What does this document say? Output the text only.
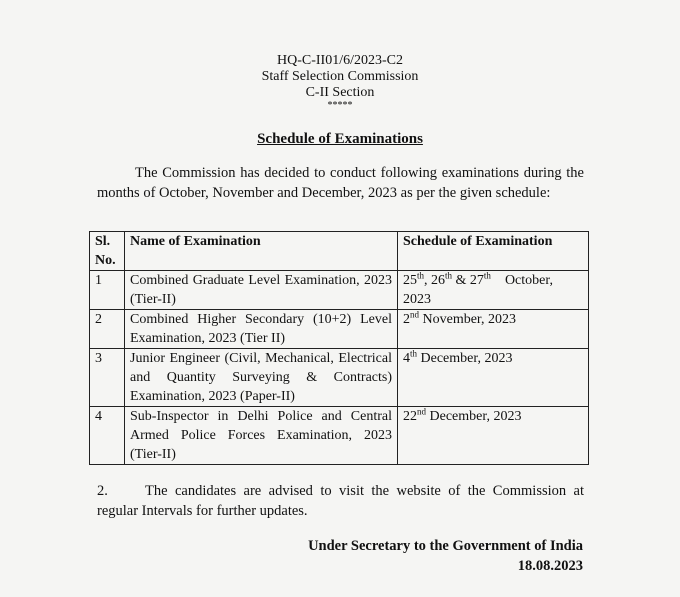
HQ-C-II01/6/2023-C2
Staff Selection Commission
C-II Section
*****
Schedule of Examinations
The Commission has decided to conduct following examinations during the months of October, November and December, 2023 as per the given schedule:
Sl. No.	Name of Examination	Schedule of Examination
1	Combined Graduate Level Examination, 2023 (Tier-II)	25th, 26th & 27th    October, 2023
2	Combined Higher Secondary (10+2) Level Examination, 2023 (Tier II)	2nd November, 2023
3	Junior Engineer (Civil, Mechanical, Electrical and Quantity Surveying & Contracts) Examination, 2023 (Paper-II)	4th December, 2023
4	Sub-Inspector in Delhi Police and Central Armed Police Forces Examination, 2023 (Tier-II)	22nd December, 2023
2.	The candidates are advised to visit the website of the Commission at regular Intervals for further updates.
Under Secretary to the Government of India
18.08.2023
